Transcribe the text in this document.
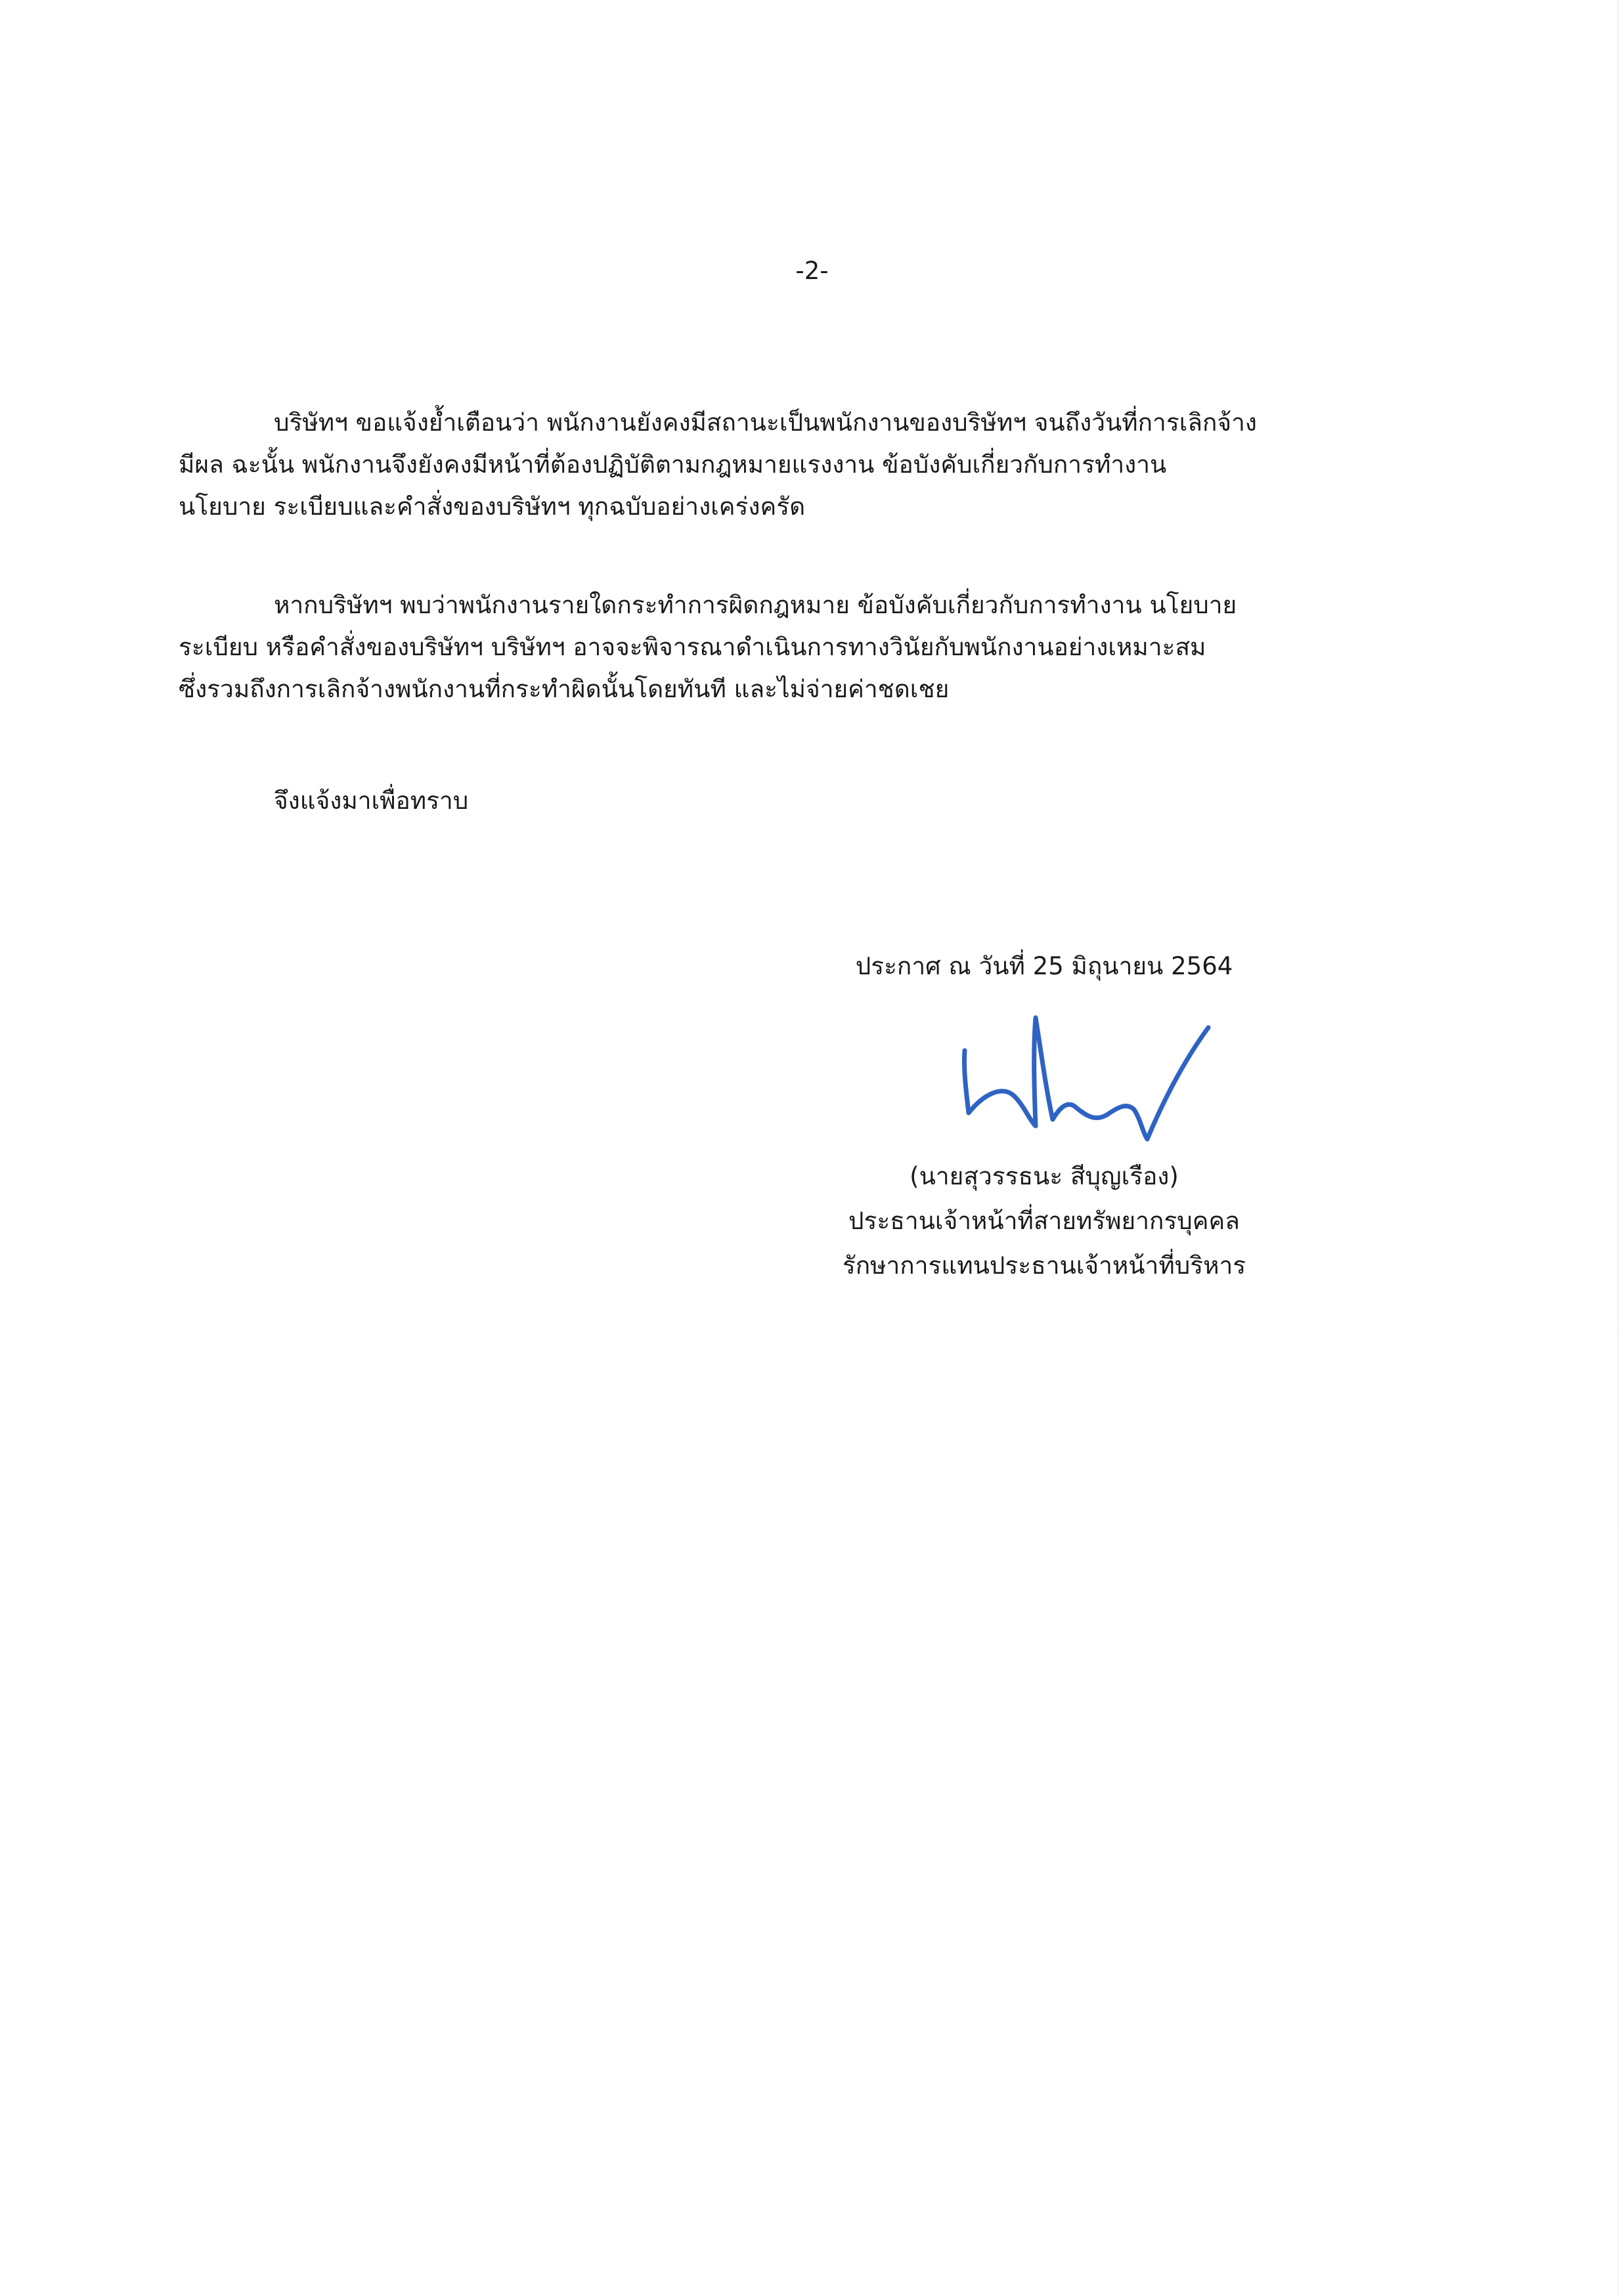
-2-
บริษัทฯ ขอแจ้งย้ำเตือนว่า พนักงานยังคงมีสถานะเป็นพนักงานของบริษัทฯ จนถึงวันที่การเลิกจ้าง
มีผล ฉะนั้น พนักงานจึงยังคงมีหน้าที่ต้องปฏิบัติตามกฎหมายแรงงาน ข้อบังคับเกี่ยวกับการทำงาน
นโยบาย ระเบียบและคำสั่งของบริษัทฯ ทุกฉบับอย่างเคร่งครัด
หากบริษัทฯ พบว่าพนักงานรายใดกระทำการผิดกฎหมาย ข้อบังคับเกี่ยวกับการทำงาน นโยบาย
ระเบียบ หรือคำสั่งของบริษัทฯ บริษัทฯ อาจจะพิจารณาดำเนินการทางวินัยกับพนักงานอย่างเหมาะสม
ซึ่งรวมถึงการเลิกจ้างพนักงานที่กระทำผิดนั้นโดยทันที และไม่จ่ายค่าชดเชย
จึงแจ้งมาเพื่อทราบ
ประกาศ ณ วันที่ 25 มิถุนายน 2564
(นายสุวรรธนะ สีบุญเรือง)
ประธานเจ้าหน้าที่สายทรัพยากรบุคคล
รักษาการแทนประธานเจ้าหน้าที่บริหาร
